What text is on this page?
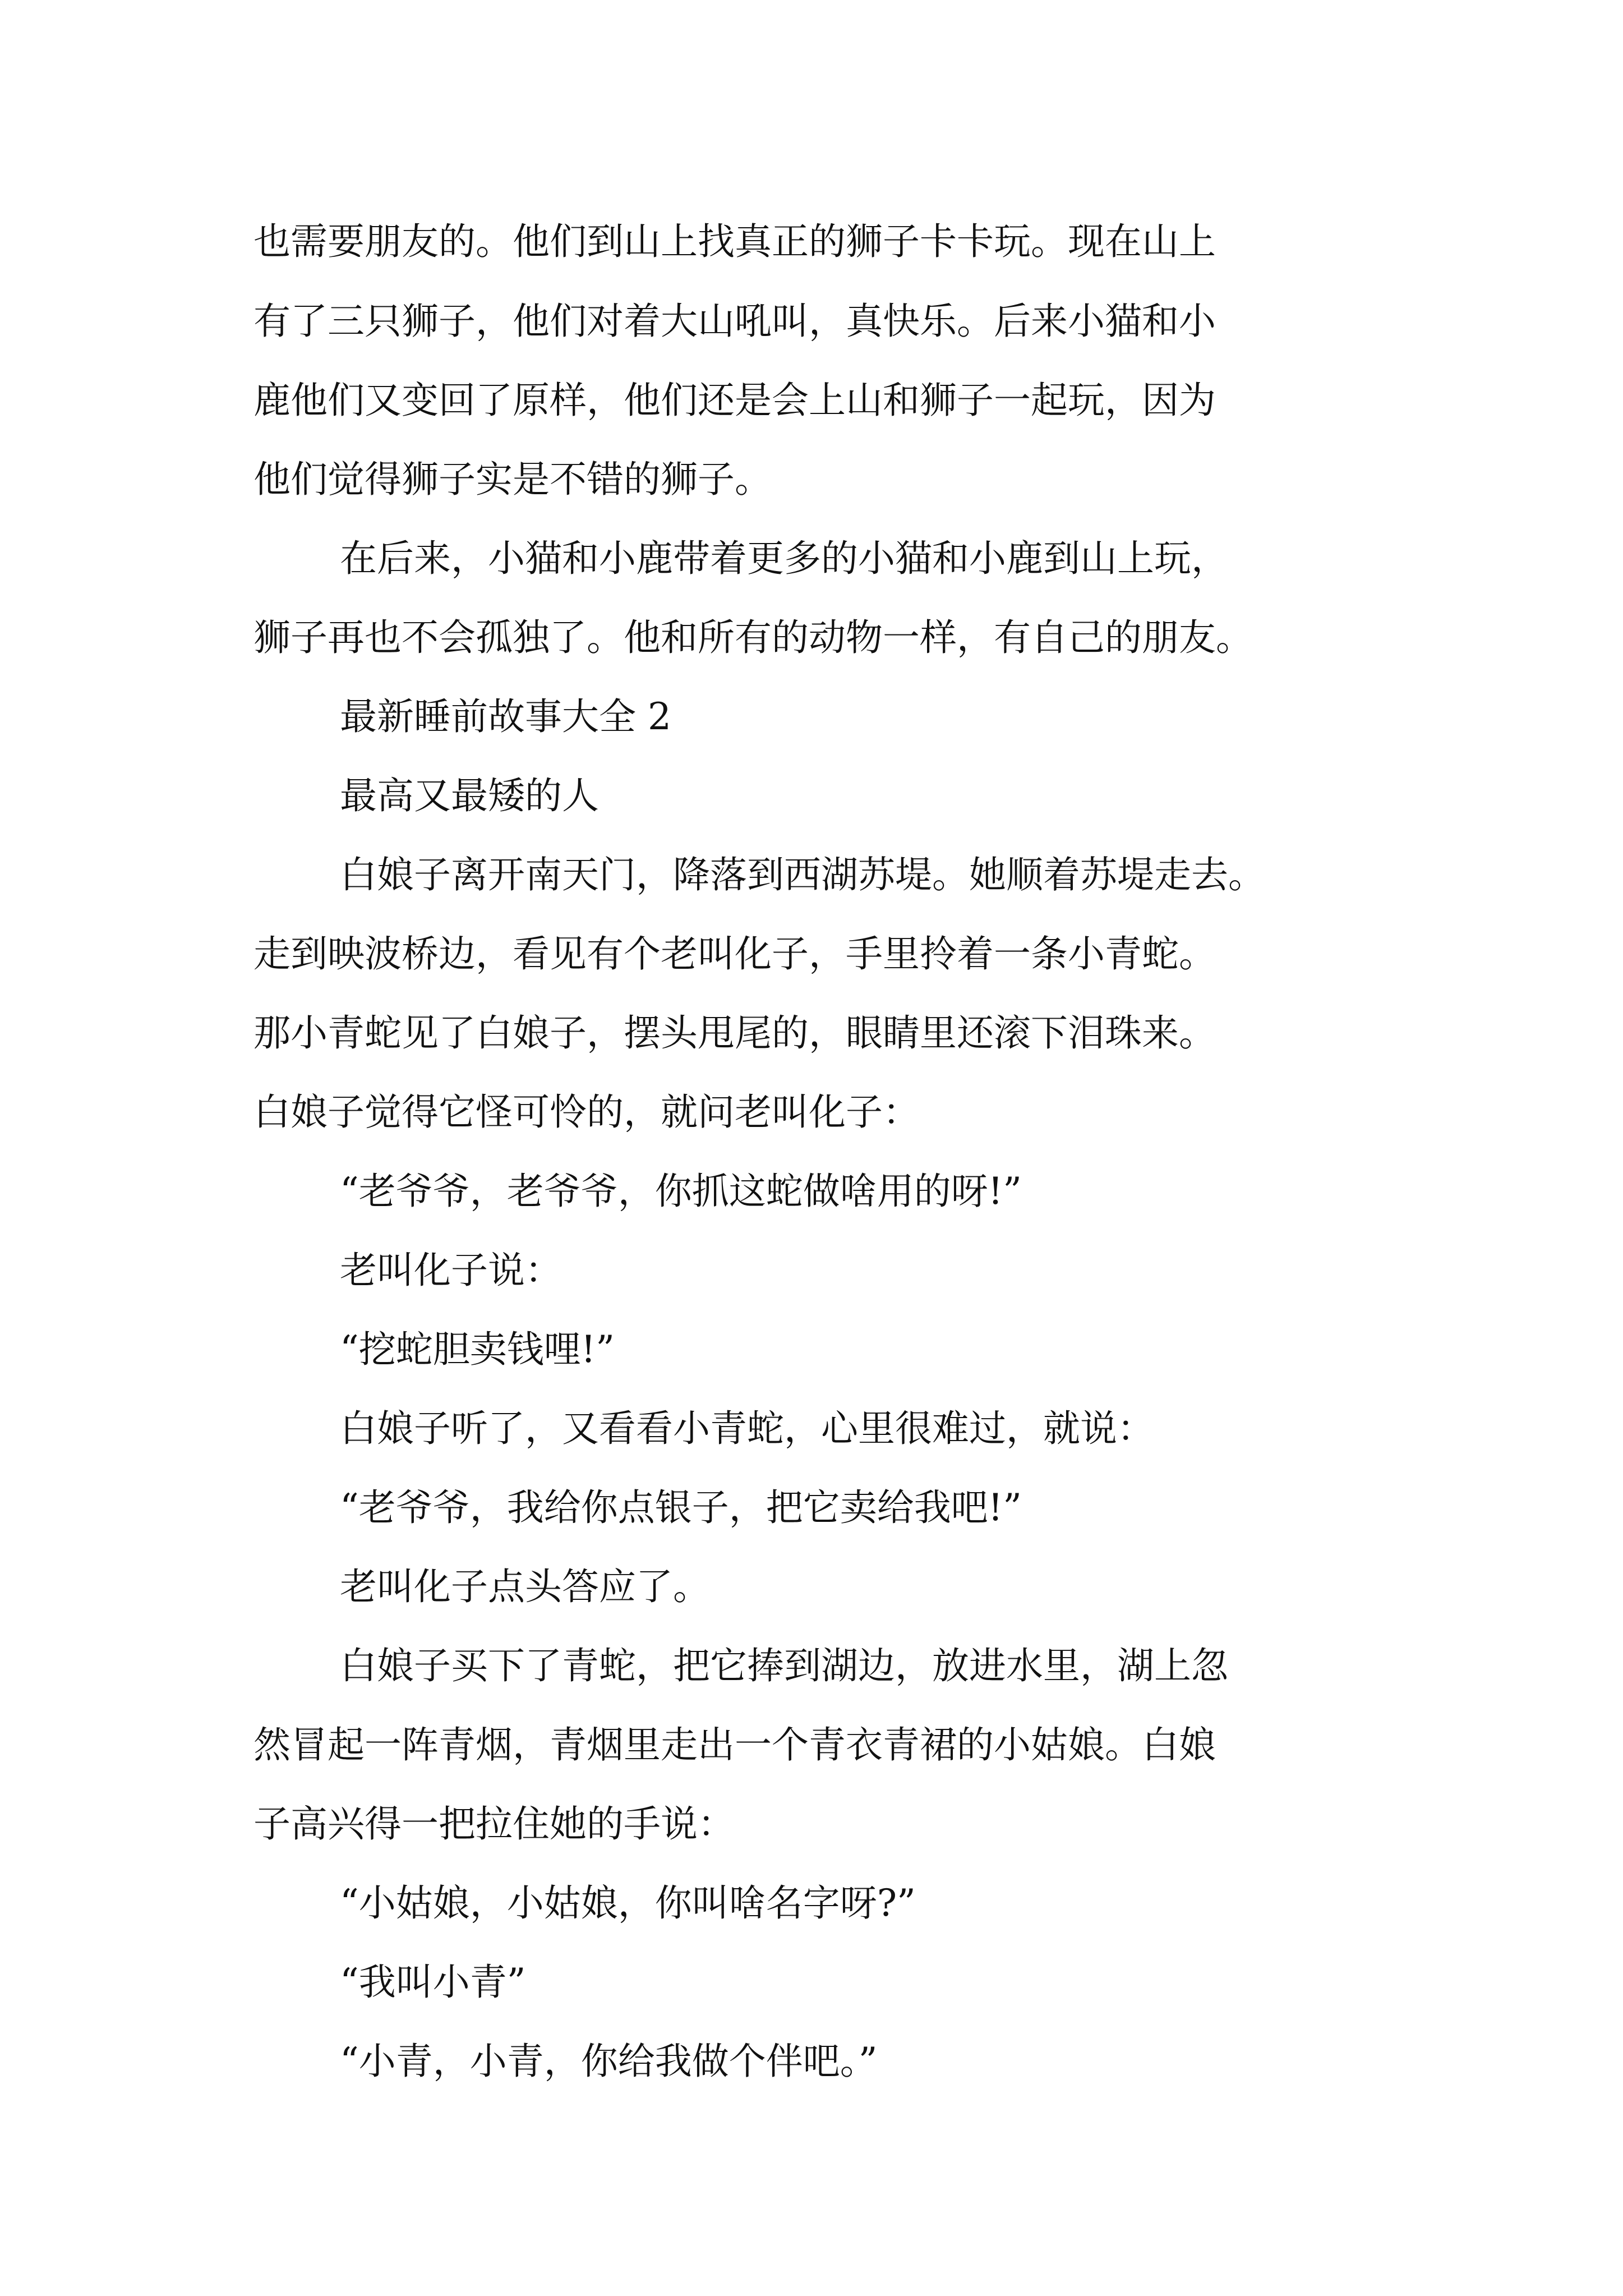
也需要朋友的。他们到山上找真正的狮子卡卡玩。现在山上
有了三只狮子，他们对着大山吼叫，真快乐。后来小猫和小
鹿他们又变回了原样，他们还是会上山和狮子一起玩，因为
他们觉得狮子实是不错的狮子。
在后来，小猫和小鹿带着更多的小猫和小鹿到山上玩，
狮子再也不会孤独了。他和所有的动物一样，有自己的朋友。
最新睡前故事大全 2
最高又最矮的人
白娘子离开南天门，降落到西湖苏堤。她顺着苏堤走去。
走到映波桥边，看见有个老叫化子，手里拎着一条小青蛇。
那小青蛇见了白娘子，摆头甩尾的，眼睛里还滚下泪珠来。
白娘子觉得它怪可怜的，就问老叫化子：
“老爷爷，老爷爷，你抓这蛇做啥用的呀!”
老叫化子说：
“挖蛇胆卖钱哩!”
白娘子听了，又看看小青蛇，心里很难过，就说：
“老爷爷，我给你点银子，把它卖给我吧!”
老叫化子点头答应了。
白娘子买下了青蛇，把它捧到湖边，放进水里，湖上忽
然冒起一阵青烟，青烟里走出一个青衣青裙的小姑娘。白娘
子高兴得一把拉住她的手说：
“小姑娘，小姑娘，你叫啥名字呀?”
“我叫小青”
“小青，小青，你给我做个伴吧。”
